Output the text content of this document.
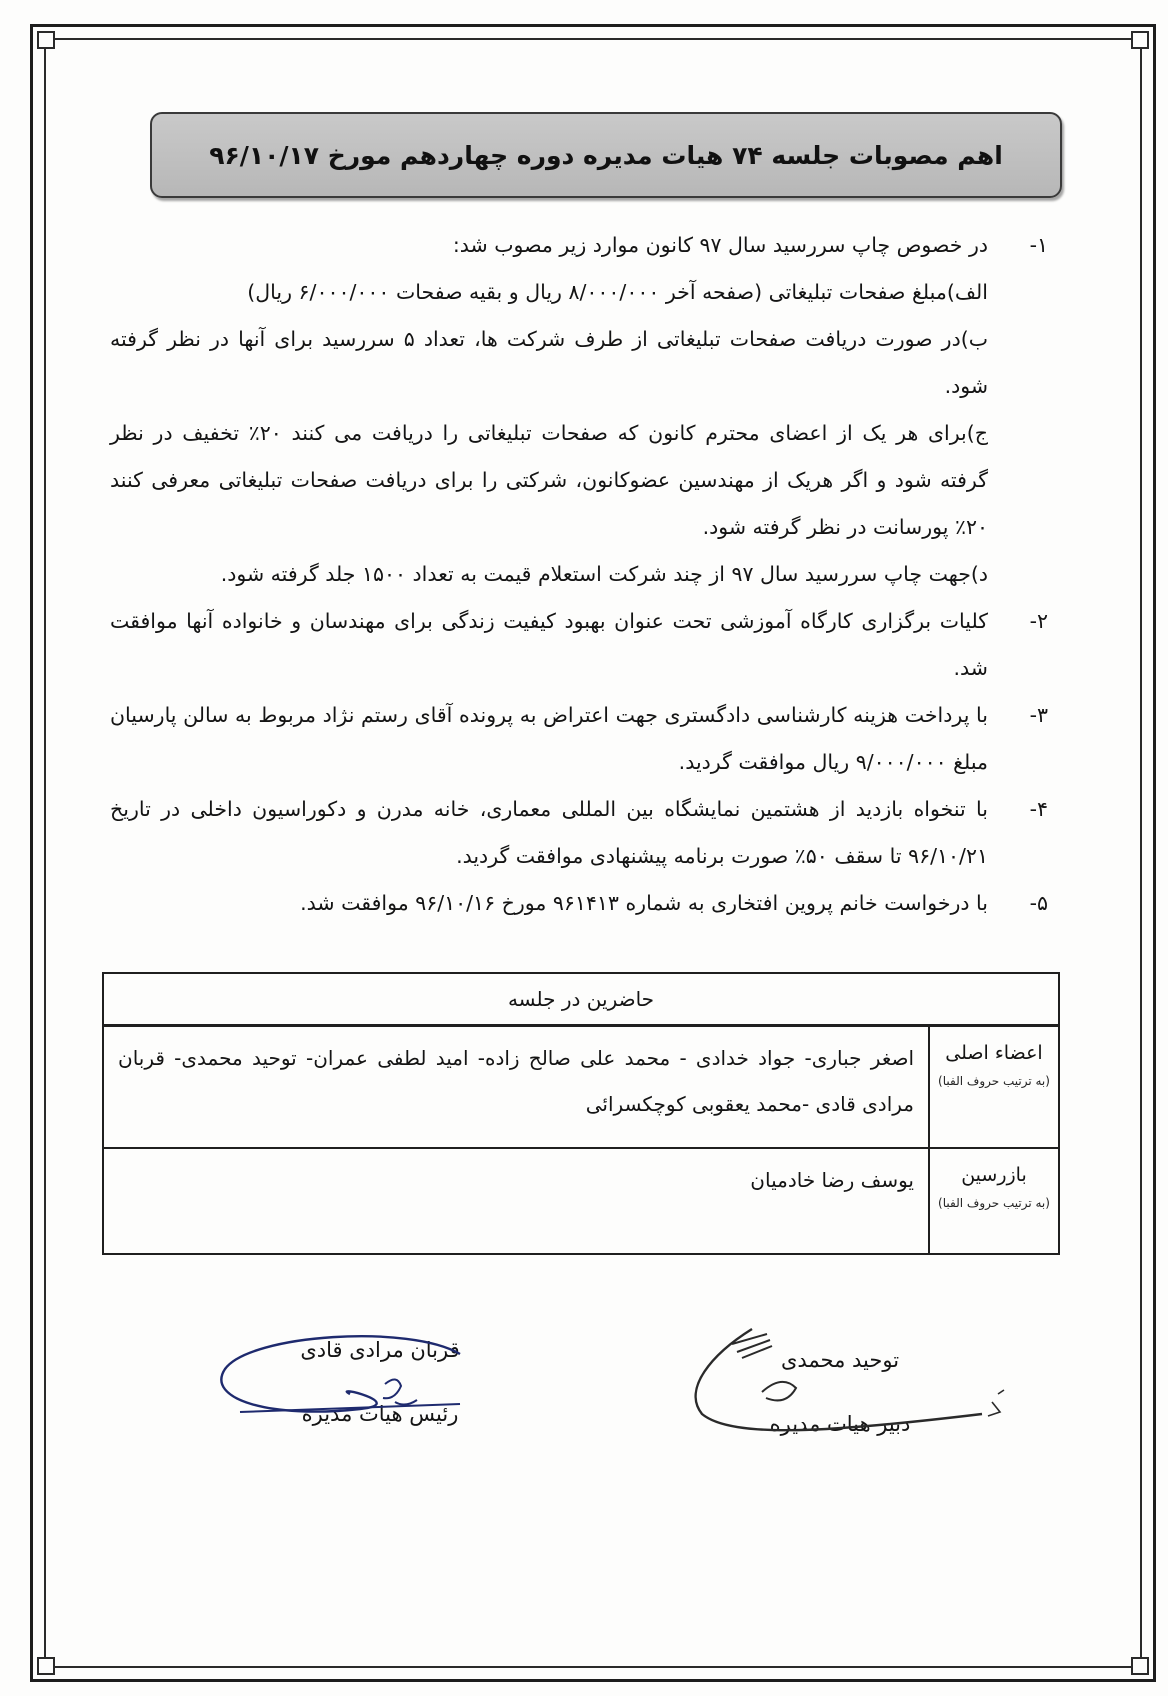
اهم مصوبات جلسه ۷۴ هیات مدیره دوره چهاردهم مورخ ۹۶/۱۰/۱۷
۱-
در خصوص چاپ سررسید سال ۹۷ کانون موارد زیر مصوب شد:
الف)مبلغ صفحات تبلیغاتی (صفحه آخر ۸/۰۰۰/۰۰۰ ریال و بقیه صفحات ۶/۰۰۰/۰۰۰ ریال)
ب)در صورت دریافت صفحات تبلیغاتی از طرف شرکت ها، تعداد ۵ سررسید برای آنها در نظر گرفته شود.
ج)برای هر یک از اعضای محترم کانون که صفحات تبلیغاتی را دریافت می کنند ۲۰٪ تخفیف در نظر گرفته شود و اگر هریک از مهندسین عضوکانون، شرکتی را برای دریافت صفحات تبلیغاتی معرفی کنند ۲۰٪ پورسانت در نظر گرفته شود.
د)جهت چاپ سررسید سال ۹۷ از چند شرکت استعلام قیمت به تعداد ۱۵۰۰ جلد گرفته شود.
۲-
کلیات برگزاری کارگاه آموزشی تحت عنوان بهبود کیفیت زندگی برای مهندسان و خانواده آنها موافقت شد.
۳-
با پرداخت هزینه کارشناسی دادگستری جهت اعتراض به پرونده آقای رستم نژاد مربوط به سالن پارسیان مبلغ ۹/۰۰۰/۰۰۰ ریال موافقت گردید.
۴-
با تنخواه بازدید از هشتمین نمایشگاه بین المللی معماری، خانه مدرن و دکوراسیون داخلی در تاریخ ۹۶/۱۰/۲۱ تا سقف ۵۰٪ صورت برنامه پیشنهادی موافقت گردید.
۵-
با درخواست خانم پروین افتخاری به شماره ۹۶۱۴۱۳ مورخ ۹۶/۱۰/۱۶ موافقت شد.
حاضرین در جلسه	

اعضاء اصلی
(به ترتیب حروف الفبا)	اصغر جباری- جواد خدادی - محمد علی صالح زاده- امید لطفی عمران- توحید محمدی- قربان مرادی قادی -محمد یعقوبی کوچکسرائی

بازرسین
(به ترتیب حروف الفبا)	یوسف رضا خادمیان
قربان مرادی قادی
رئیس هیات مدیره
توحید محمدی
دبیر هیات مدیره
